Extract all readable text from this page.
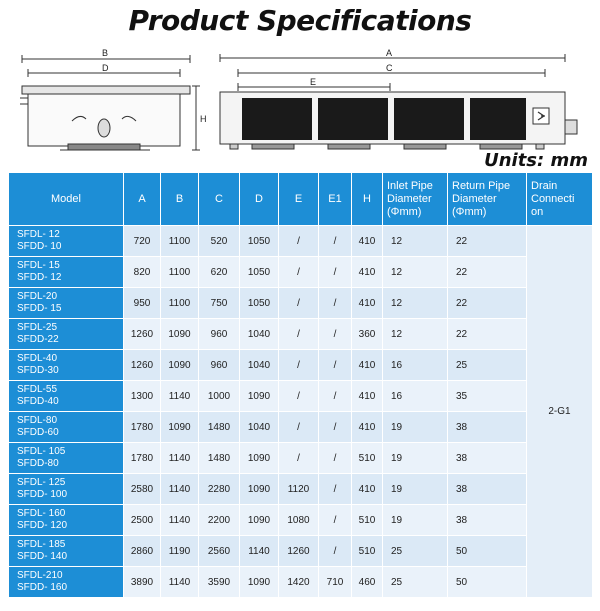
Product Specifications
B
D
H
A
C
E
Units: mm
Model	A	B	C	D	E	E1	H	Inlet Pipe
Diameter
(Φmm)	Return Pipe
Diameter
(Φmm)	Drain
Connecti
on
SFDL- 12
SFDD- 10	720	1100	520	1050	/	/	410	12	22	2-G1
SFDL- 15
SFDD- 12	820	1100	620	1050	/	/	410	12	22	
SFDL-20
SFDD- 15	950	1100	750	1050	/	/	410	12	22	
SFDL-25
SFDD-22	1260	1090	960	1040	/	/	360	12	22	
SFDL-40
SFDD-30	1260	1090	960	1040	/	/	410	16	25	
SFDL-55
SFDD-40	1300	1140	1000	1090	/	/	410	16	35	
SFDL-80
SFDD-60	1780	1090	1480	1040	/	/	410	19	38	
SFDL- 105
SFDD-80	1780	1140	1480	1090	/	/	510	19	38	
SFDL- 125
SFDD- 100	2580	1140	2280	1090	1120	/	410	19	38	
SFDL- 160
SFDD- 120	2500	1140	2200	1090	1080	/	510	19	38	
SFDL- 185
SFDD- 140	2860	1190	2560	1140	1260	/	510	25	50	
SFDL-210
SFDD- 160	3890	1140	3590	1090	1420	710	460	25	50	
